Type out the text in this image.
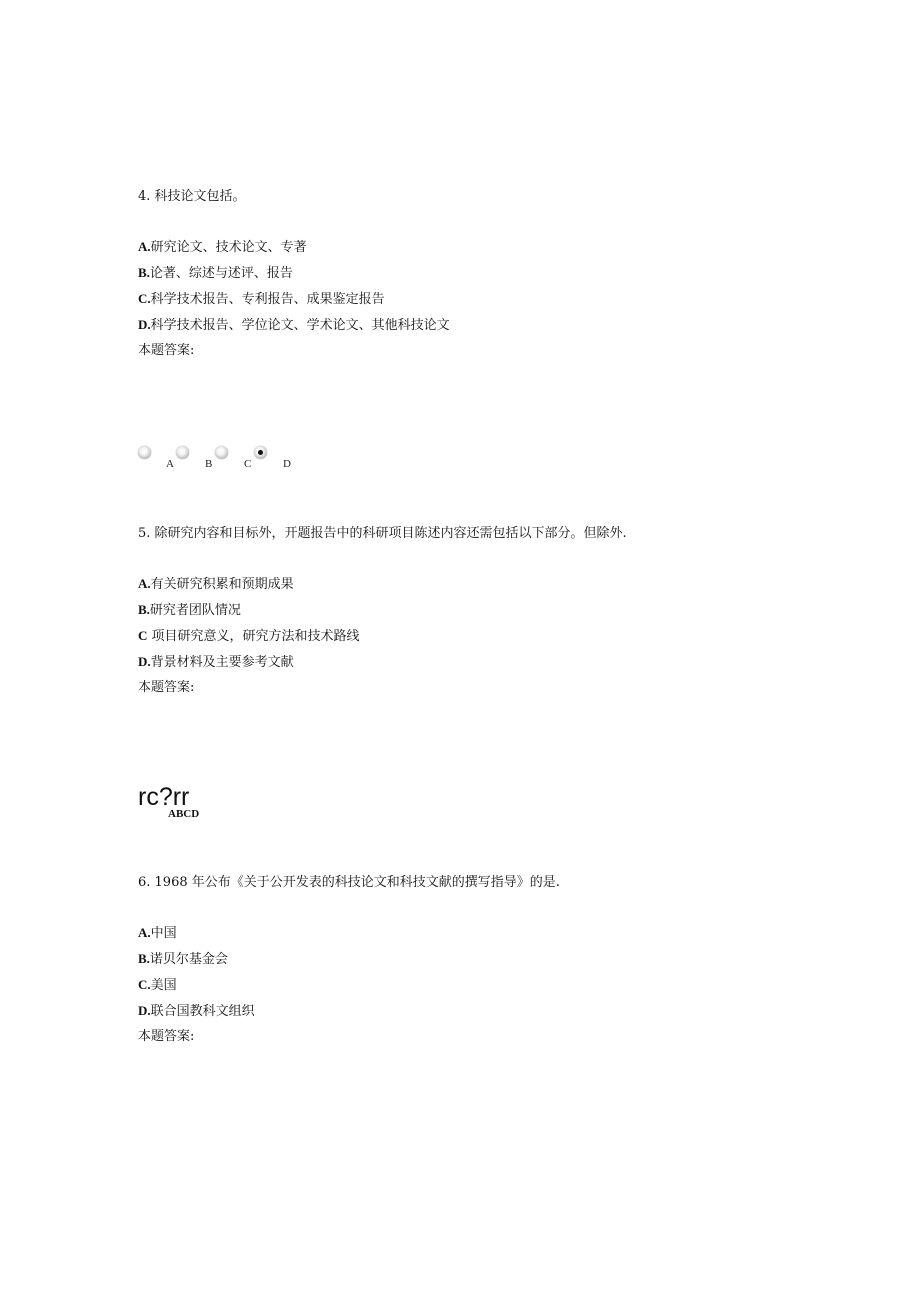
4. 科技论文包括。
A.研究论文、技术论文、专著
B.论著、综述与述评、报告
C.科学技术报告、专利报告、成果鉴定报告
D.科学技术报告、学位论文、学术论文、其他科技论文
本题答案:
A	B	C	D
5. 除研究内容和目标外，开题报告中的科研项目陈述内容还需包括以下部分。但除外.
A.有关研究积累和预期成果
B.研究者团队情况
C 项目研究意义，研究方法和技术路线
D.背景材料及主要参考文献
本题答案:
rc?rr
ABCD
6. 1968 年公布《关于公开发表的科技论文和科技文献的撰写指导》的是.
A.中国
B.诺贝尔基金会
C.美国
D.联合国教科文组织
本题答案:
